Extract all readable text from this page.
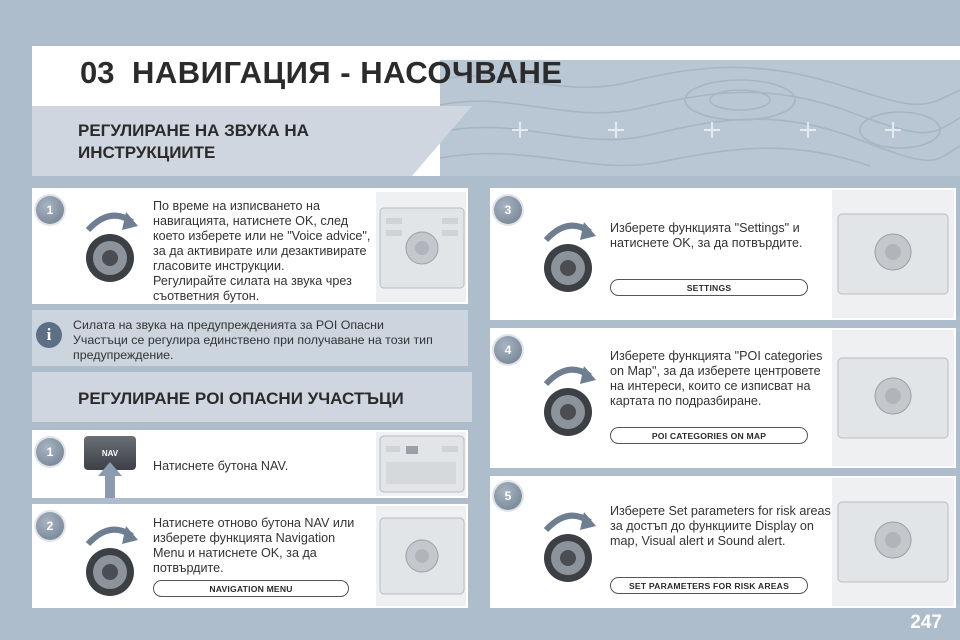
03 НАВИГАЦИЯ - НАСОЧВАНЕ
РЕГУЛИРАНЕ НА ЗВУКА НА
ИНСТРУКЦИИТЕ
1	По време на изписването на
навигацията, натиснете OK, след
което изберете или не "Voice advice",
за да активирате или дезактивирате
гласовите инструкции.
Регулирайте силата на звука чрез
съответния бутон.
i	Силата на звука на предупрежденията за POI Опасни
Участъци се регулира единствено при получаване на този тип
предупреждение.
РЕГУЛИРАНЕ POI ОПАСНИ УЧАСТЪЦИ
1	NAV
Натиснете бутона NAV.
2	Натиснете отново бутона NAV или
изберете функцията Navigation
Menu и натиснете OK, за да
потвърдите.
NAVIGATION MENU
3
Изберете функцията "Settings" и
натиснете OK, за да потвърдите.
SETTINGS
4	Изберете функцията "POI categories
on Map", за да изберете центровете
на интереси, които се изписват на
картата по подразбиране.
POI CATEGORIES ON MAP
5
Изберете Set parameters for risk areas
за достъп до функциите Display on
map, Visual alert и Sound alert.
SET PARAMETERS FOR RISK AREAS
247
